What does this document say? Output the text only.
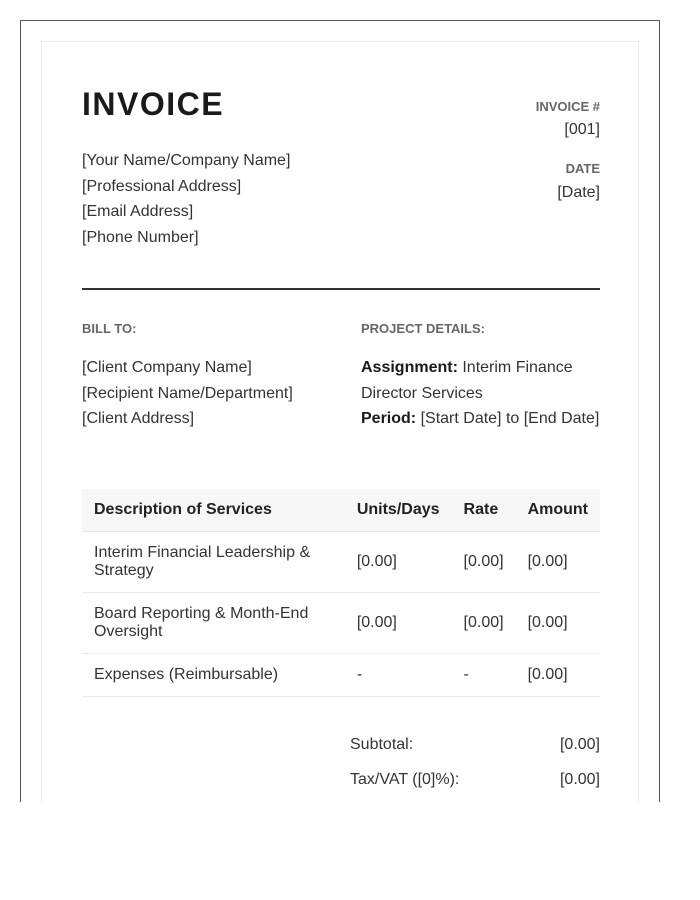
INVOICE
[Your Name/Company Name]
[Professional Address]
[Email Address]
[Phone Number]
INVOICE #
[001]
DATE
[Date]
BILL TO:
[Client Company Name]
[Recipient Name/Department]
[Client Address]
PROJECT DETAILS:
Assignment: Interim Finance
Director Services
Period: [Start Date] to [End Date]
Description of Services	Units/Days	Rate	Amount

Interim Financial Leadership &
Strategy	[0.00]	[0.00]	[0.00]

Board Reporting & Month-End
Oversight	[0.00]	[0.00]	[0.00]
Expenses (Reimbursable)	-	-	[0.00]
Subtotal:	[0.00]
Tax/VAT ([0]%):	[0.00]
